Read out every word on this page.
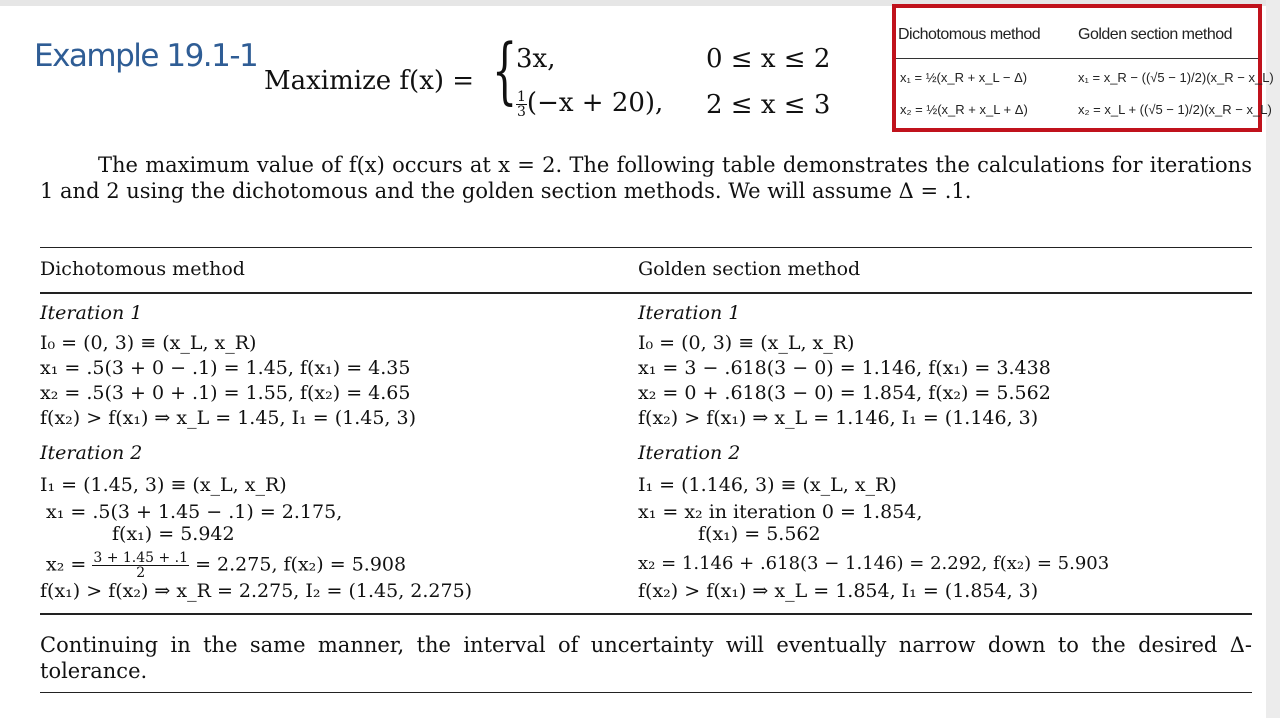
Example 19.1-1
Maximize f(x) = {
3x,	0 ≤ x ≤ 2
$\frac{1}{3} (-x + 20)$, 2 ≤ x ≤ 3
Dichotomous method Golden section method
x₁ = ½(x_R + x_L − Δ)
x₂ = ½(x_R + x_L + Δ)
x₁ = x_R − ((√5 − 1)/2)(x_R − x_L)
x₂ = x_L + ((√5 − 1)/2)(x_R − x_L)
The maximum value of f(x) occurs at x = 2. The following table demonstrates the calculations for iterations 1 and 2 using the dichotomous and the golden section methods. We will assume Δ = .1.
Dichotomous method	Golden section method
Iteration 1
I₀ = (0, 3) ≡ (x_L, x_R)
x₁ = .5(3 + 0 − .1) = 1.45, f(x₁) = 4.35
x₂ = .5(3 + 0 + .1) = 1.55, f(x₂) = 4.65
f(x₂) > f(x₁) ⇒ x_L = 1.45, I₁ = (1.45, 3)
Iteration 2
I₁ = (1.45, 3) ≡ (x_L, x_R)
x₁ = .5(3 + 1.45 − .1) = 2.175,
f(x₁) = 5.942
$x_2 = \frac{3 + 1.45 + .1}{2} = 2.275$, f(x₂) = 5.908
f(x₁) > f(x₂) ⇒ x_R = 2.275, I₂ = (1.45, 2.275)
Iteration 1
I₀ = (0, 3) ≡ (x_L, x_R)
x₁ = 3 − .618(3 − 0) = 1.146, f(x₁) = 3.438
x₂ = 0 + .618(3 − 0) = 1.854, f(x₂) = 5.562
f(x₂) > f(x₁) ⇒ x_L = 1.146, I₁ = (1.146, 3)
Iteration 2
I₁ = (1.146, 3) ≡ (x_L, x_R)
x₁ = x₂ in iteration 0 = 1.854,
f(x₁) = 5.562
x₂ = 1.146 + .618(3 − 1.146) = 2.292, f(x₂) = 5.903
f(x₂) > f(x₁) ⇒ x_L = 1.854, I₁ = (1.854, 3)
Continuing in the same manner, the interval of uncertainty will eventually narrow down to the desired Δ-tolerance.
